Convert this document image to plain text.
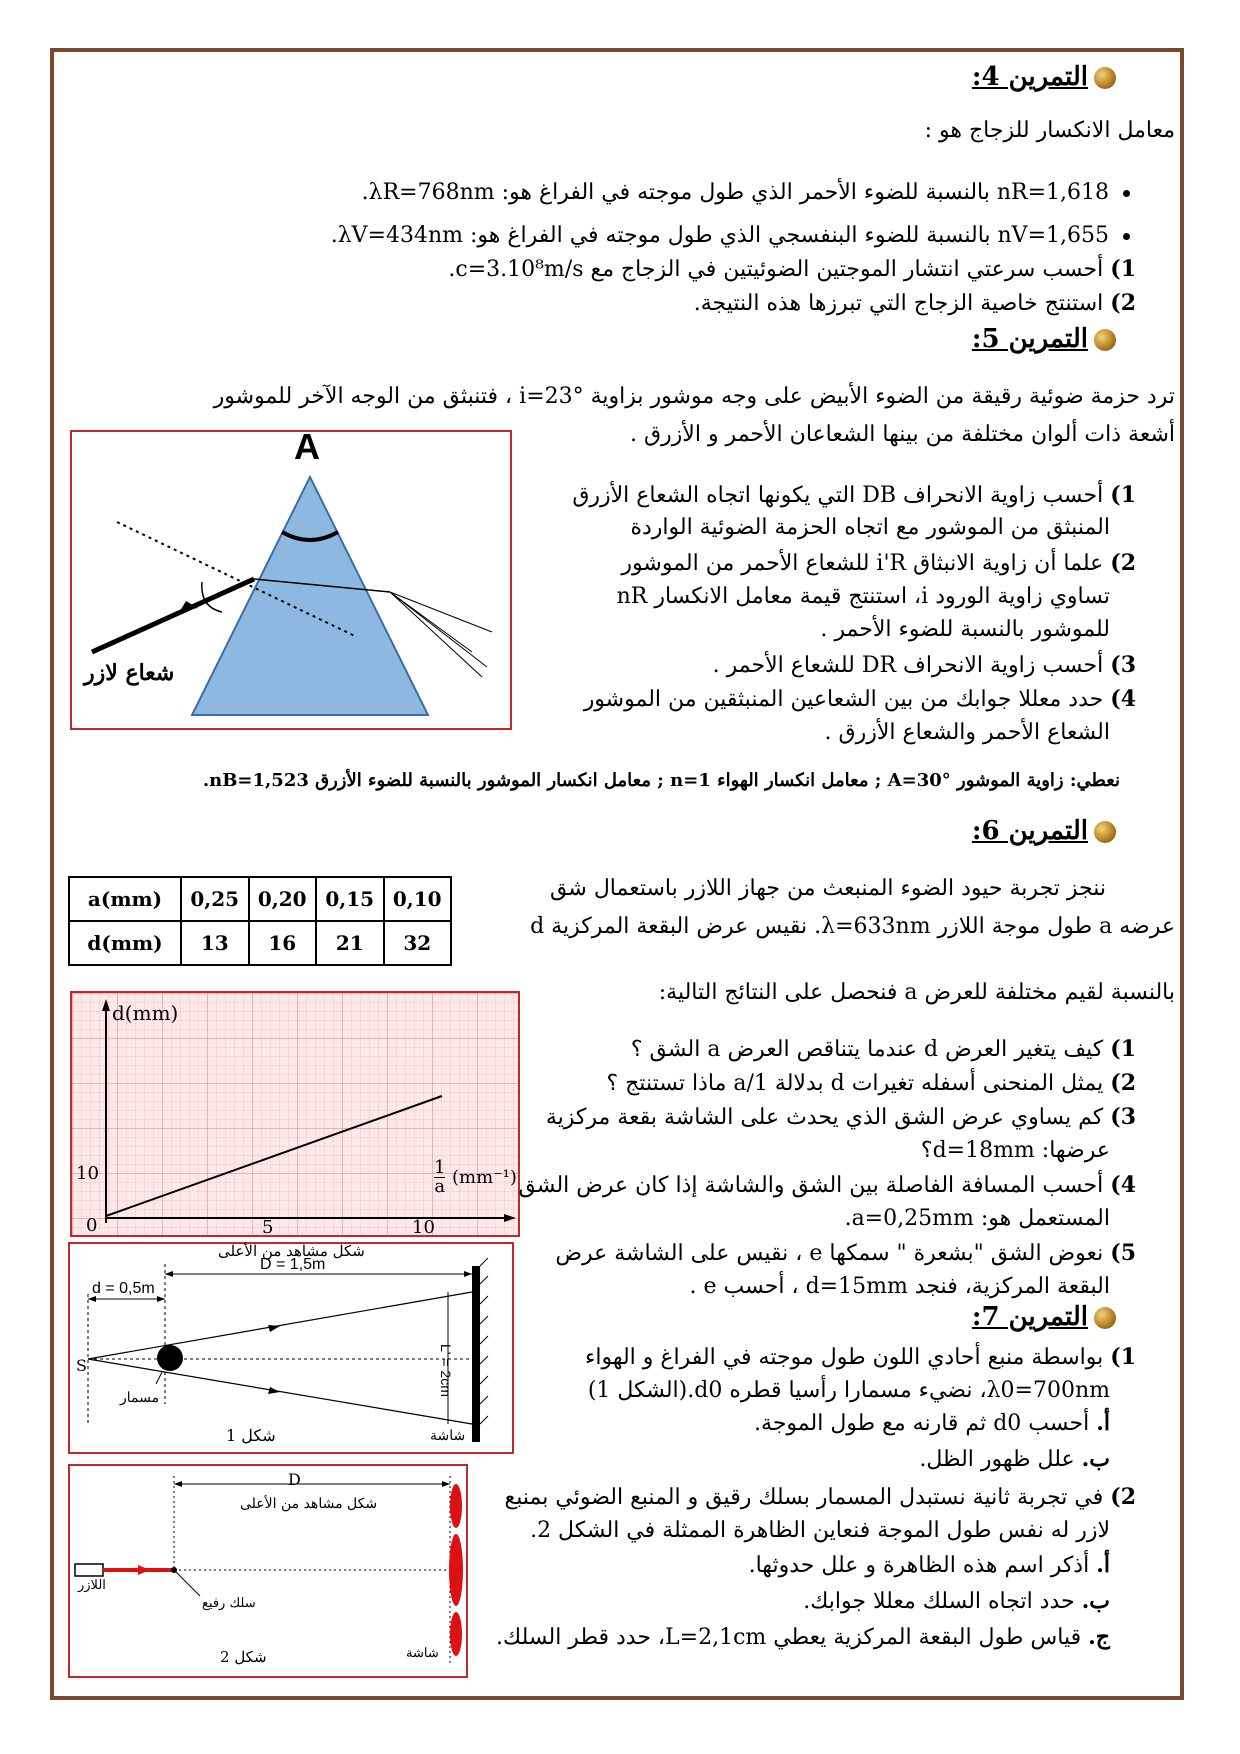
التمرين 4:
معامل الانكسار للزجاج هو :
nR=1,618 بالنسبة للضوء الأحمر الذي طول موجته في الفراغ هو: λR=768nm.
nV=1,655 بالنسبة للضوء البنفسجي الذي طول موجته في الفراغ هو: λV=434nm.
1) أحسب سرعتي انتشار الموجتين الضوئيتين في الزجاج مع c=3.10⁸m/s.
2) استنتج خاصية الزجاج التي تبرزها هذه النتيجة.
التمرين 5:
ترد حزمة ضوئية رقيقة من الضوء الأبيض على وجه موشور بزاوية i=23° ، فتنبثق من الوجه الآخر للموشور
أشعة ذات ألوان مختلفة من بينها الشعاعان الأحمر و الأزرق .
A
شعاع لازر
1) أحسب زاوية الانحراف DB التي يكونها اتجاه الشعاع الأزرق
المنبثق من الموشور مع اتجاه الحزمة الضوئية الواردة
2) علما أن زاوية الانبثاق i'R للشعاع الأحمر من الموشور
تساوي زاوية الورود i، استنتج قيمة معامل الانكسار nR
للموشور بالنسبة للضوء الأحمر .
3) أحسب زاوية الانحراف DR للشعاع الأحمر .
4) حدد معللا جوابك من بين الشعاعين المنبثقين من الموشور
الشعاع الأحمر والشعاع الأزرق .
نعطي: زاوية الموشور A=30° ; معامل انكسار الهواء n=1 ; معامل انكسار الموشور بالنسبة للضوء الأزرق nB=1,523.
التمرين 6:
a(mm)	0,25	0,20	0,15	0,10
d(mm)	13	16	21	32
ننجز تجربة حيود الضوء المنبعث من جهاز اللازر باستعمال شق
عرضه a طول موجة اللازر λ=633nm. نقيس عرض البقعة المركزية d
بالنسبة لقيم مختلفة للعرض a فنحصل على النتائج التالية:
d(mm)
10
0	5	10
1
a (mm⁻¹)
1) كيف يتغير العرض d عندما يتناقص العرض a الشق ؟
2) يمثل المنحنى أسفله تغيرات d بدلالة 1/a ماذا تستنتج ؟
3) كم يساوي عرض الشق الذي يحدث على الشاشة بقعة مركزية
عرضها: d=18mm؟
4) أحسب المسافة الفاصلة بين الشق والشاشة إذا كان عرض الشق
المستعمل هو: a=0,25mm.
5) نعوض الشق "بشعرة " سمكها e ، نقيس على الشاشة عرض
البقعة المركزية، فنجد d=15mm ، أحسب e .
شكل مشاهد من الأعلى
d = 0,5m
D = 1,5m
L' = 2cm
S
مسمار
شكل 1	شاشة
التمرين 7:
1) بواسطة منبع أحادي اللون طول موجته في الفراغ و الهواء
λ0=700nm، نضيء مسمارا رأسيا قطره d0.(الشكل 1)
أ. أحسب d0 ثم قارنه مع طول الموجة.
ب. علل ظهور الظل.
2) في تجربة ثانية نستبدل المسمار بسلك رقيق و المنبع الضوئي بمنبع
لازر له نفس طول الموجة فنعاين الظاهرة الممثلة في الشكل 2.
أ. أذكر اسم هذه الظاهرة و علل حدوثها.
ب. حدد اتجاه السلك معللا جوابك.
ج. قياس طول البقعة المركزية يعطي L=2,1cm، حدد قطر السلك.
D
شكل مشاهد من الأعلى
اللازر
سلك رفيع
شكل 2	شاشة
